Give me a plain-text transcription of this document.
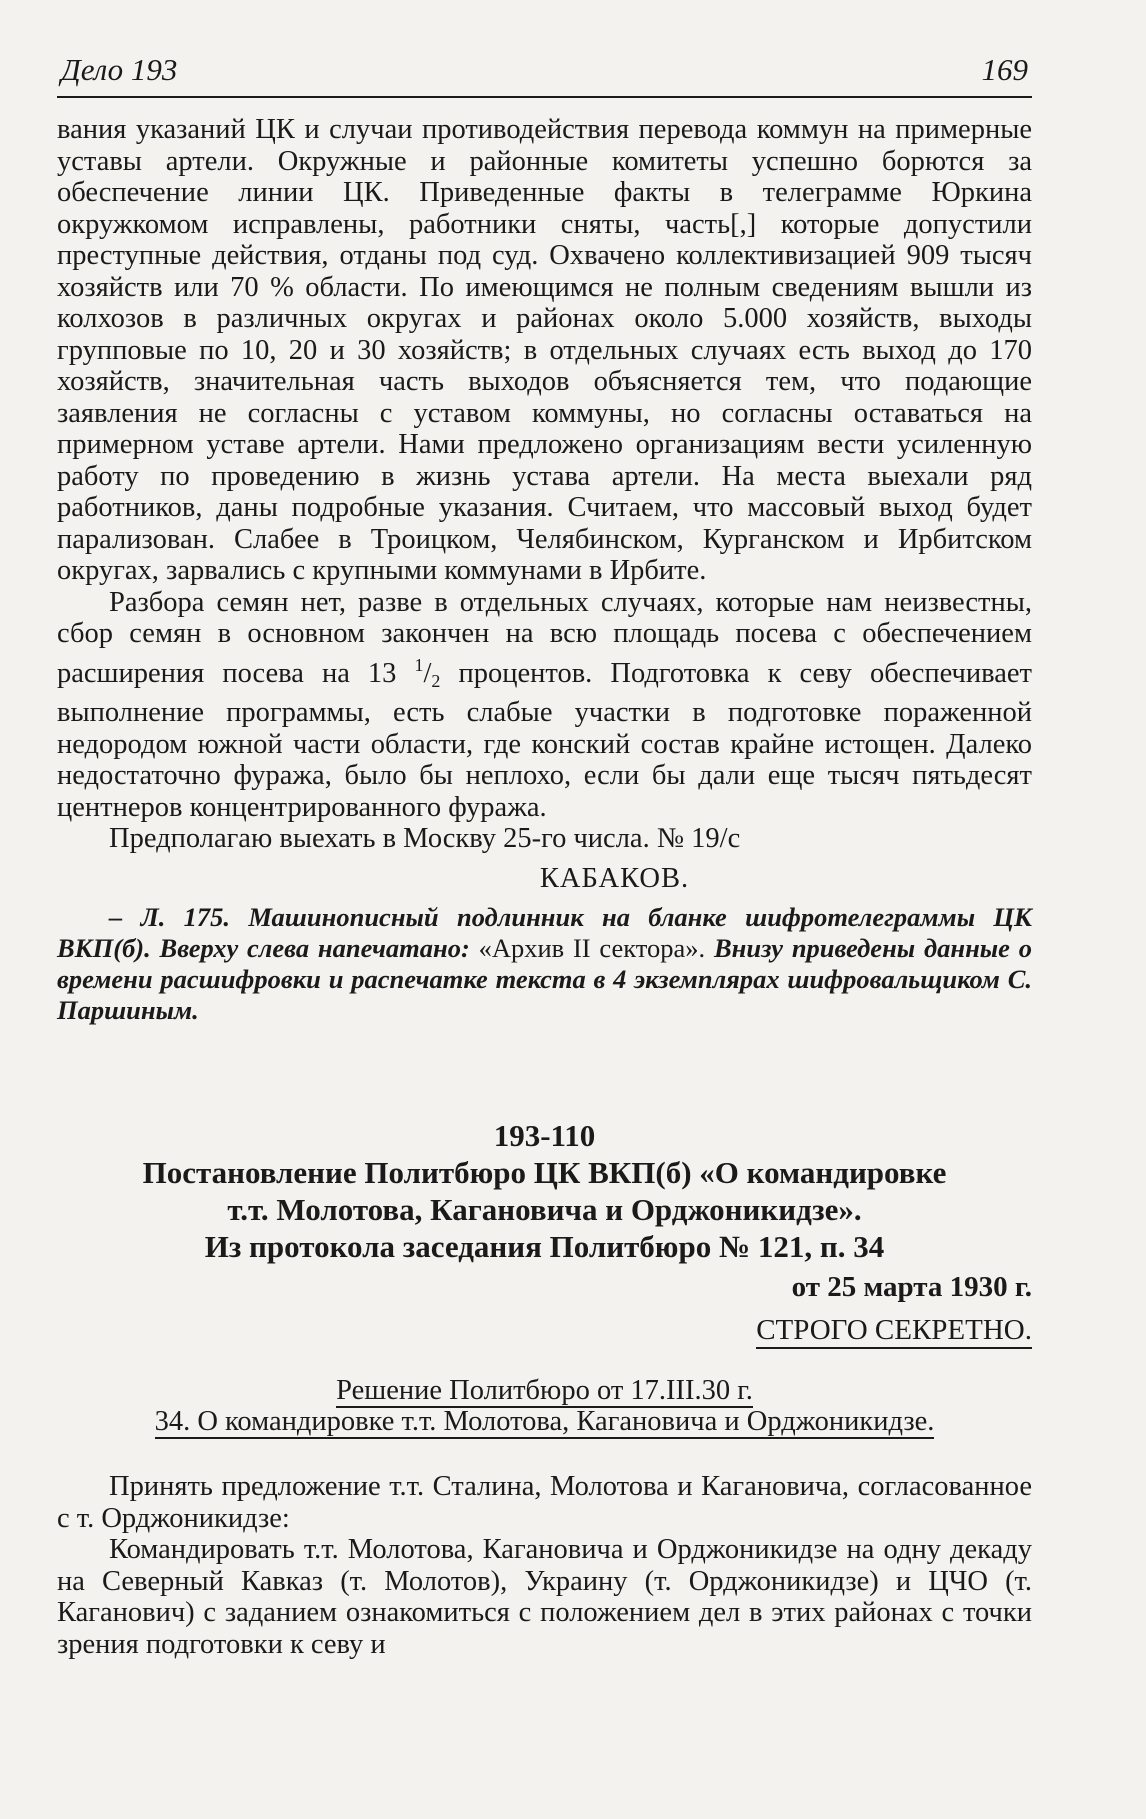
Дело 193	169

вания указаний ЦК и случаи противодействия перевода коммун на примерные уставы артели. Окружные и районные комитеты успешно борются за обеспечение линии ЦК. Приведенные факты в телеграмме Юркина окружкомом исправлены, работники сняты, часть[,] которые допустили преступные действия, отданы под суд. Охвачено коллективизацией 909 тысяч хозяйств или 70 % области. По имеющимся не полным сведениям вышли из колхозов в различных округах и районах около 5.000 хозяйств, выходы групповые по 10, 20 и 30 хозяйств; в отдельных случаях есть выход до 170 хозяйств, значительная часть выходов объясняется тем, что подающие заявления не согласны с уставом коммуны, но согласны оставаться на примерном уставе артели. Нами предложено организациям вести усиленную работу по проведению в жизнь устава артели. На места выехали ряд работников, даны подробные указания. Считаем, что массовый выход будет парализован. Слабее в Троицком, Челябинском, Курганском и Ирбитском округах, зарвались с крупными коммунами в Ирбите.

Разбора семян нет, разве в отдельных случаях, которые нам неизвестны, сбор семян в основном закончен на всю площадь посева с обеспечением расширения посева на 13 $^1/_2$ процентов. Подготовка к севу обеспечивает выполнение программы, есть слабые участки в подготовке пораженной недородом южной части области, где конский состав крайне истощен. Далеко недостаточно фуража, было бы неплохо, если бы дали еще тысяч пятьдесят центнеров концентрированного фуража.

Предполагаю выехать в Москву 25-го числа. № 19/с

КАБАКОВ.

– Л. 175. Машинописный подлинник на бланке шифротелеграммы ЦК ВКП(б). Вверху слева напечатано: «Архив II сектора». Внизу приведены данные о времени расшифровки и распечатке текста в 4 экземплярах шифровальщиком С. Паршиным.

193-110

Постановление Политбюро ЦК ВКП(б) «О командировке

т.т. Молотова, Кагановича и Орджоникидзе».

Из протокола заседания Политбюро № 121, п. 34

от 25 марта 1930 г.
СТРОГО СЕКРЕТНО.
Решение Политбюро от 17.III.30 г.
34. О командировке т.т. Молотова, Кагановича и Орджоникидзе.

Принять предложение т.т. Сталина, Молотова и Кагановича, согласованное с т. Орджоникидзе:

Командировать т.т. Молотова, Кагановича и Орджоникидзе на одну декаду на Северный Кавказ (т. Молотов), Украину (т. Орджоникидзе) и ЦЧО (т. Каганович) с заданием ознакомиться с положением дел в этих районах с точки зрения подготовки к севу и
